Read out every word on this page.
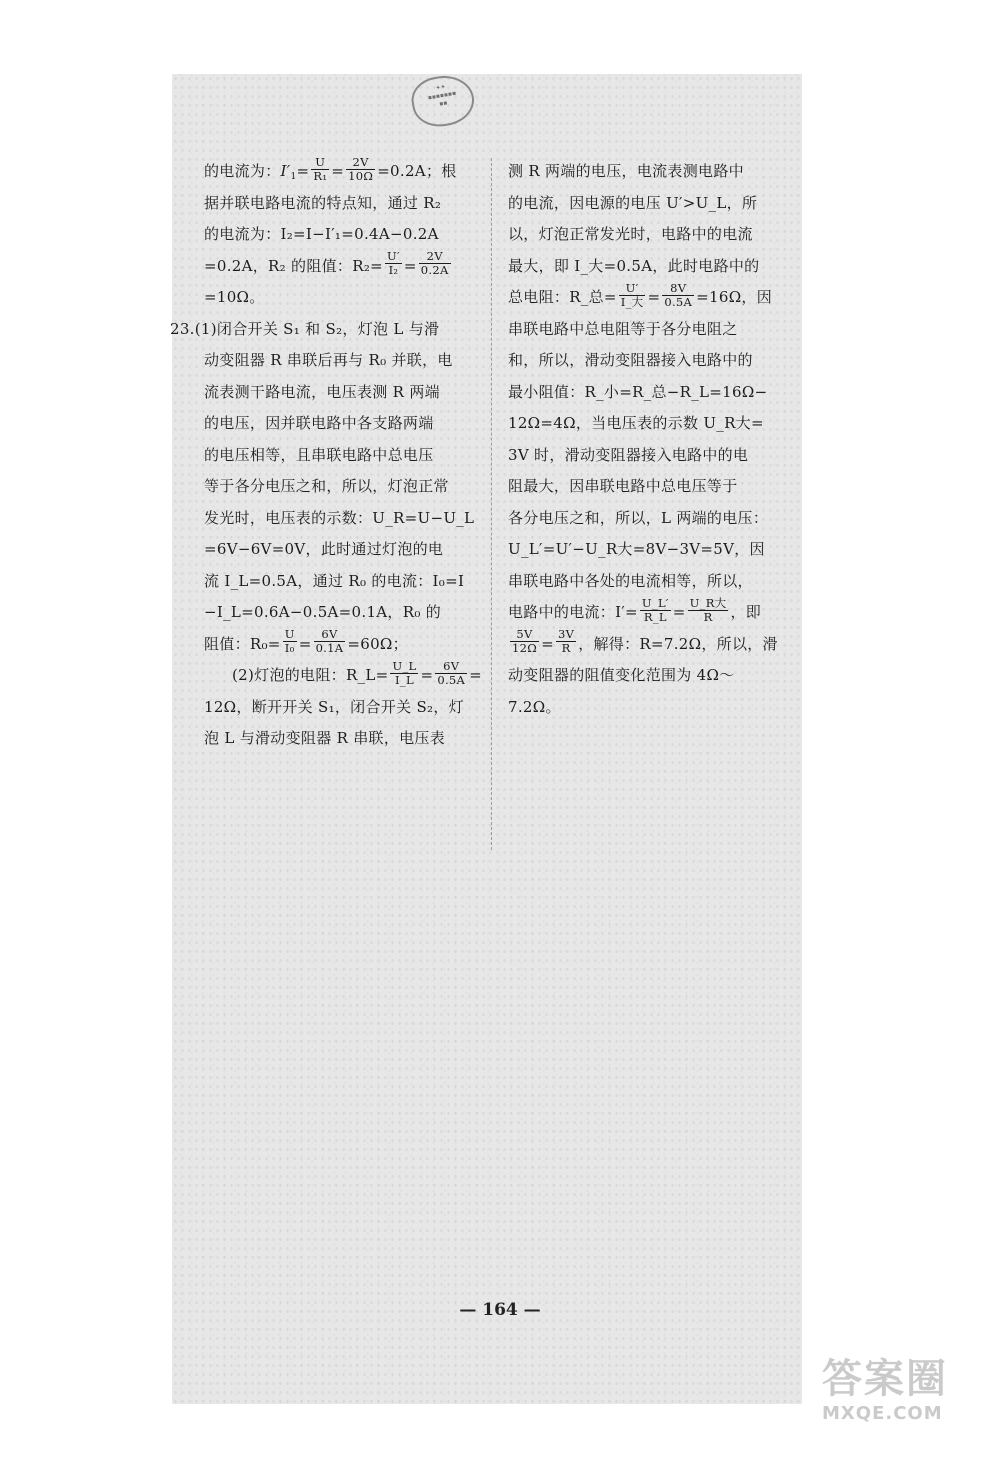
✦✦
▪▪▪▪▪▪▪
▪▪
的电流为：$I'_1= \frac{U}{\text{R₁}} = \frac{2V}{10\Omega} =0.2A$；根
据并联电路电流的特点知，通过 R₂
的电流为：I₂=I−I′₁=0.4A−0.2A
=0.2A，R₂ 的阻值：$R_2= \frac{U'}{\text{I₂}} = \frac{2V}{0.2A}$
=10Ω。
23.(1)闭合开关 S₁ 和 S₂，灯泡 L 与滑
动变阻器 R 串联后再与 R₀ 并联，电
流表测干路电流，电压表测 R 两端
的电压，因并联电路中各支路两端
的电压相等，且串联电路中总电压
等于各分电压之和，所以，灯泡正常
发光时，电压表的示数：U_R=U−U_L
=6V−6V=0V，此时通过灯泡的电
流 I_L=0.5A，通过 R₀ 的电流：I₀=I
−I_L=0.6A−0.5A=0.1A，R₀ 的
阻值：$R_0= \frac{U}{\text{I₀}} = \frac{6V}{0.1A} =60\Omega$；
(2)灯泡的电阻：R_L= $\frac{U\_L}{I\_L} = \frac{6V}{0.5A}$ =
12Ω，断开开关 S₁，闭合开关 S₂，灯
泡 L 与滑动变阻器 R 串联，电压表
测 R 两端的电压，电流表测电路中
的电流，因电源的电压 U′>U_L，所
以，灯泡正常发光时，电路中的电流
最大，即 I_大=0.5A，此时电路中的
总电阻：R_总= $\frac{U'}{\text{I\_大}} = \frac{8V}{0.5A} =16\Omega$，因
串联电路中总电阻等于各分电阻之
和，所以，滑动变阻器接入电路中的
最小阻值：R_小=R_总−R_L=16Ω−
12Ω=4Ω，当电压表的示数 U_R大=
3V 时，滑动变阻器接入电路中的电
阻最大，因串联电路中总电压等于
各分电压之和，所以，L 两端的电压：
U_L′=U′−U_R大=8V−3V=5V，因
串联电路中各处的电流相等，所以，
电路中的电流：$I'= \frac{U\_L'}{R\_L} = \frac{\text{U\_R大}}{R}$ ，即
$\frac{5V}{12\Omega} = \frac{3V}{R}$ ，解得：R=7.2Ω，所以，滑
动变阻器的阻值变化范围为 4Ω～
7.2Ω。
— 164 —
答案圈
MXQE.COM
